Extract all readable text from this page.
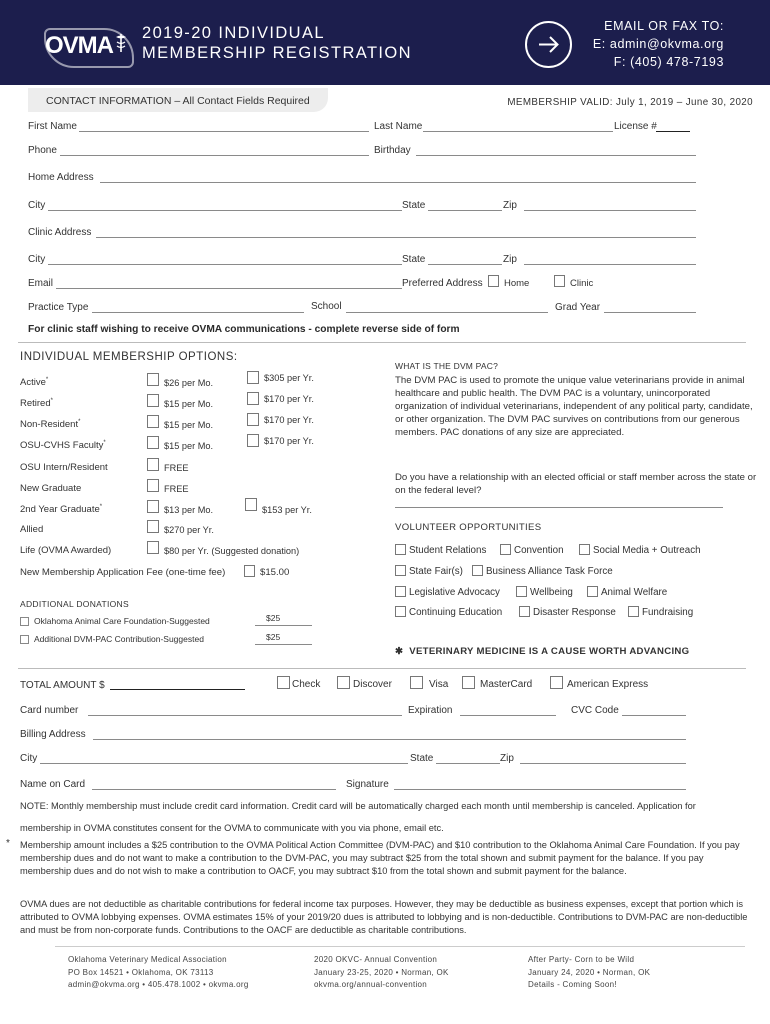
OVMA 2019-20 INDIVIDUAL
MEMBERSHIP REGISTRATION
EMAIL OR FAX TO:
E: admin@okvma.org
F: (405) 478-7193
CONTACT INFORMATION – All Contact Fields Required	MEMBERSHIP VALID: July 1, 2019 – June 30, 2020
First Name	Last Name	License #
Phone	Birthday
Home Address
City	State	Zip
Clinic Address
City	State	Zip
Email	Preferred Address Home	Clinic
Practice Type	School	Grad Year
For clinic staff wishing to receive OVMA communications - complete reverse side of form
INDIVIDUAL MEMBERSHIP OPTIONS:
Active*	$26 per Mo.	$305 per Yr.
Retired*	$15 per Mo.	$170 per Yr.
Non-Resident*	$15 per Mo.	$170 per Yr.
OSU-CVHS Faculty*	$15 per Mo.	$170 per Yr.
OSU Intern/Resident	FREE
New Graduate	FREE
2nd Year Graduate*	$13 per Mo.	$153 per Yr.
Allied	$270 per Yr.
Life (OVMA Awarded)	$80 per Yr. (Suggested donation)
New Membership Application Fee (one-time fee)	$15.00
ADDITIONAL DONATIONS
Oklahoma Animal Care Foundation-Suggested	$25
Additional DVM-PAC Contribution-Suggested	$25
WHAT IS THE DVM PAC?
The DVM PAC is used to promote the unique value veterinarians provide in animal healthcare and public health. The DVM PAC is a voluntary, unincorporated organization of individual veterinarians, independent of any political party, candidate, or other organization. The DVM PAC survives on contributions from our generous members. PAC donations of any size are appreciated.
Do you have a relationship with an elected official or staff member across the state or on the federal level?
VOLUNTEER OPPORTUNITIES
Student Relations	Convention	Social Media + Outreach
State Fair(s) Business Alliance Task Force
Legislative Advocacy	Wellbeing	Animal Welfare
Continuing Education	Disaster Response	Fundraising
✱ VETERINARY MEDICINE IS A CAUSE WORTH ADVANCING
TOTAL AMOUNT $	Check	Discover	Visa	MasterCard	American Express
Card number	Expiration	CVC Code
Billing Address
City	State	Zip
Name on Card	Signature
NOTE: Monthly membership must include credit card information. Credit card will be automatically charged each month until membership is canceled. Application for
membership in OVMA constitutes consent for the OVMA to communicate with you via phone, email etc.
* Membership amount includes a $25 contribution to the OVMA Political Action Committee (DVM-PAC) and $10 contribution to the Oklahoma Animal Care Foundation. If you pay membership dues and do not want to make a contribution to the DVM-PAC, you may subtract $25 from the total shown and submit payment for the balance. If you pay membership dues and do not wish to make a contribution to OACF, you may subtract $10 from the total shown and submit payment for the balance.
OVMA dues are not deductible as charitable contributions for federal income tax purposes. However, they may be deductible as business expenses, except that portion which is attributed to OVMA lobbying expenses. OVMA estimates 15% of your 2019/20 dues is attributed to lobbying and is non-deductible. Contributions to DVM-PAC are non-deductible and must be from non-corporate funds. Contributions to the OACF are deductible as charitable contributions.
Oklahoma Veterinary Medical Association
PO Box 14521 • Oklahoma, OK 73113
admin@okvma.org • 405.478.1002 • okvma.org
2020 OKVC- Annual Convention
January 23-25, 2020 • Norman, OK
okvma.org/annual-convention
After Party- Corn to be Wild
January 24, 2020 • Norman, OK
Details - Coming Soon!
